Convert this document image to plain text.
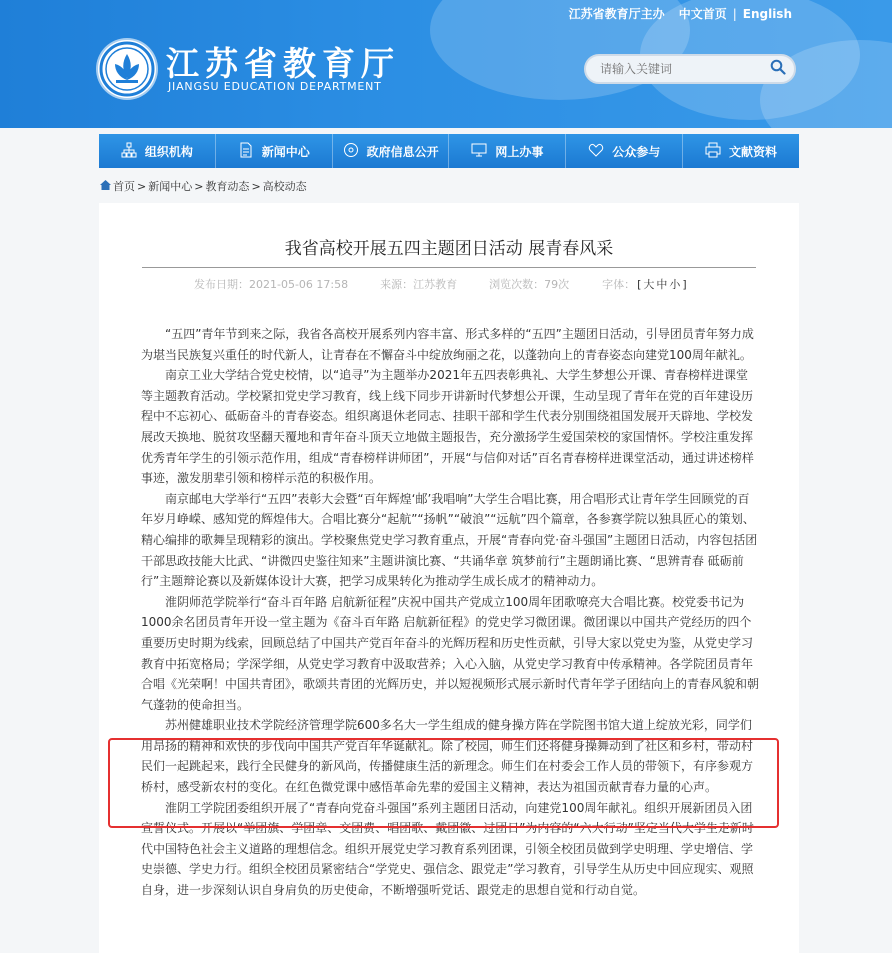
江苏省教育厅主办 中文首页 | English
江苏省教育厅
JIANGSU EDUCATION DEPARTMENT
请输入关键词
组织机构	新闻中心	政府信息公开	网上办事	公众参与	文献资料
首页 > 新闻中心 > 教育动态 > 高校动态
我省高校开展五四主题团日活动 展青春风采
发布日期：2021-05-06 17:58	来源：江苏教育	浏览次数：79次	字体： [ 大 中 小 ]

“五四”青年节到来之际，我省各高校开展系列内容丰富、形式多样的“五四”主题团日活动，引导团员青年努力成为堪当民族复兴重任的时代新人，让青春在不懈奋斗中绽放绚丽之花，以蓬勃向上的青春姿态向建党100周年献礼。

南京工业大学结合党史校情，以“追寻”为主题举办2021年五四表彰典礼、大学生梦想公开课、青春榜样进课堂等主题教育活动。学校紧扣党史学习教育，线上线下同步开讲新时代梦想公开课，生动呈现了青年在党的百年建设历程中不忘初心、砥砺奋斗的青春姿态。组织离退休老同志、挂职干部和学生代表分别围绕祖国发展开天辟地、学校发展改天换地、脱贫攻坚翻天覆地和青年奋斗顶天立地做主题报告，充分激扬学生爱国荣校的家国情怀。学校注重发挥优秀青年学生的引领示范作用，组成“青春榜样讲师团”，开展“与信仰对话”百名青春榜样进课堂活动，通过讲述榜样事迹，激发朋辈引领和榜样示范的积极作用。

南京邮电大学举行“五四”表彰大会暨“百年辉煌‘邮’我唱响”大学生合唱比赛，用合唱形式让青年学生回顾党的百年岁月峥嵘、感知党的辉煌伟大。合唱比赛分“起航”“扬帆”“破浪”“远航”四个篇章，各参赛学院以独具匠心的策划、精心编排的歌舞呈现精彩的演出。学校聚焦党史学习教育重点，开展“青春向党·奋斗强国”主题团日活动，内容包括团干部思政技能大比武、“讲微四史鉴往知来”主题讲演比赛、“共诵华章 筑梦前行”主题朗诵比赛、“思辨青春 砥砺前行”主题辩论赛以及新媒体设计大赛，把学习成果转化为推动学生成长成才的精神动力。

淮阴师范学院举行“奋斗百年路 启航新征程”庆祝中国共产党成立100周年团歌嘹亮大合唱比赛。校党委书记为1000余名团员青年开设一堂主题为《奋斗百年路 启航新征程》的党史学习微团课。微团课以中国共产党经历的四个重要历史时期为线索，回顾总结了中国共产党百年奋斗的光辉历程和历史性贡献，引导大家以党史为鉴，从党史学习教育中拓宽格局；学深学细，从党史学习教育中汲取营养；入心入脑，从党史学习教育中传承精神。各学院团员青年合唱《光荣啊！中国共青团》，歌颂共青团的光辉历史，并以短视频形式展示新时代青年学子团结向上的青春风貌和朝气蓬勃的使命担当。

苏州健雄职业技术学院经济管理学院600多名大一学生组成的健身操方阵在学院图书馆大道上绽放光彩，同学们用昂扬的精神和欢快的步伐向中国共产党百年华诞献礼。除了校园，师生们还将健身操舞动到了社区和乡村，带动村民们一起跳起来，践行全民健身的新风尚，传播健康生活的新理念。师生们在村委会工作人员的带领下，有序参观方桥村，感受新农村的变化。在红色微党课中感悟革命先辈的爱国主义精神，表达为祖国贡献青春力量的心声。

淮阴工学院团委组织开展了“青春向党奋斗强国”系列主题团日活动，向建党100周年献礼。组织开展新团员入团宣誓仪式。开展以“举团旗、学团章、交团费、唱团歌、戴团徽、过团日”为内容的“六大行动”坚定当代大学生走新时代中国特色社会主义道路的理想信念。组织开展党史学习教育系列团课，引领全校团员做到学史明理、学史增信、学史崇德、学史力行。组织全校团员紧密结合“学党史、强信念、跟党走”学习教育，引导学生从历史中回应现实、观照自身，进一步深刻认识自身肩负的历史使命，不断增强听党话、跟党走的思想自觉和行动自觉。
